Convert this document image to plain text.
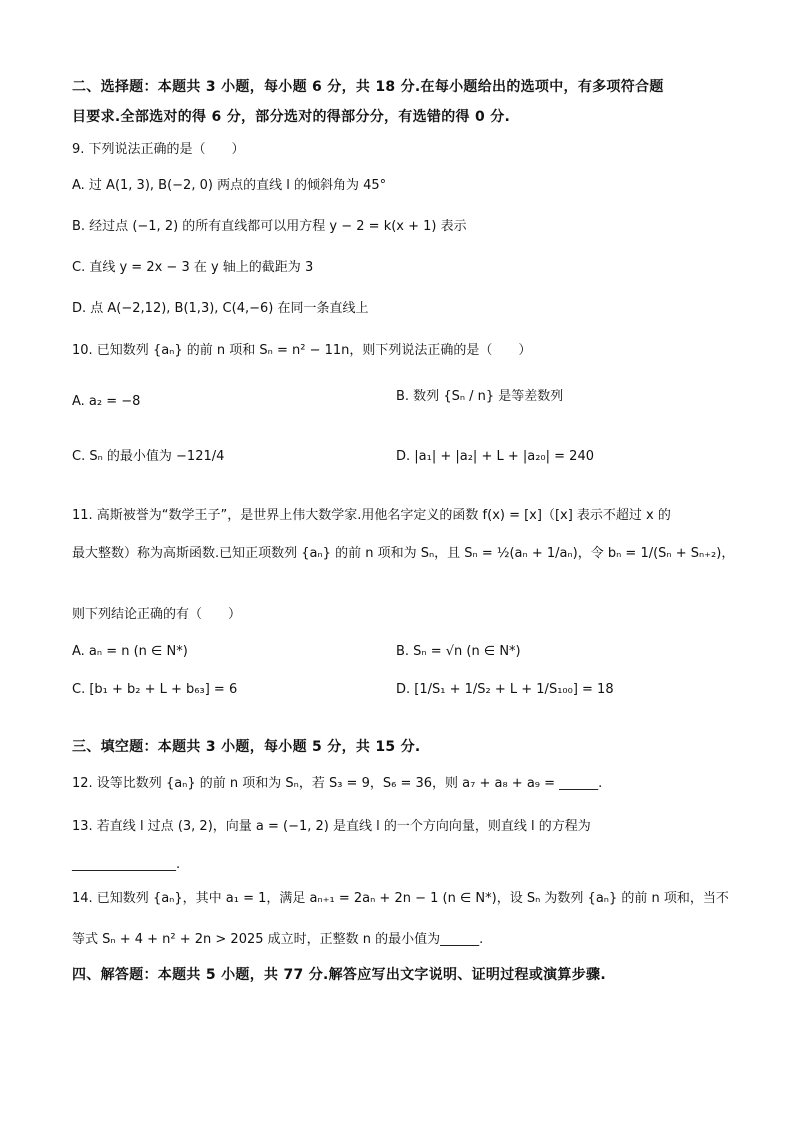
二、选择题：本题共 3 小题，每小题 6 分，共 18 分.在每小题给出的选项中，有多项符合题
目要求.全部选对的得 6 分，部分选对的得部分分，有选错的得 0 分.
9. 下列说法正确的是（　　）
A. 过 A(1, 3), B(−2, 0) 两点的直线 l 的倾斜角为 45°
B. 经过点 (−1, 2) 的所有直线都可以用方程 y − 2 = k(x + 1) 表示
C. 直线 y = 2x − 3 在 y 轴上的截距为 3
D. 点 A(−2,12), B(1,3), C(4,−6) 在同一条直线上
10. 已知数列 {aₙ} 的前 n 项和 Sₙ = n² − 11n，则下列说法正确的是（　　）
A. a₂ = −8	B. 数列 {Sₙ / n} 是等差数列
C. Sₙ 的最小值为 −121/4	D. |a₁| + |a₂| + L + |a₂₀| = 240
11. 高斯被誉为“数学王子”，是世界上伟大数学家.用他名字定义的函数 f(x) = [x]（[x] 表示不超过 x 的
最大整数）称为高斯函数.已知正项数列 {aₙ} 的前 n 项和为 Sₙ，且 Sₙ = ½(aₙ + 1/aₙ)，令 bₙ = 1/(Sₙ + Sₙ₊₂)，
则下列结论正确的有（　　）
A. aₙ = n (n ∈ N*)	B. Sₙ = √n (n ∈ N*)
C. [b₁ + b₂ + L + b₆₃] = 6	D. [1/S₁ + 1/S₂ + L + 1/S₁₀₀] = 18
三、填空题：本题共 3 小题，每小题 5 分，共 15 分.
12. 设等比数列 {aₙ} 的前 n 项和为 Sₙ，若 S₃ = 9，S₆ = 36，则 a₇ + a₈ + a₉ = ______.
13. 若直线 l 过点 (3, 2)，向量 a = (−1, 2) 是直线 l 的一个方向向量，则直线 l 的方程为
________________.
14. 已知数列 {aₙ}，其中 a₁ = 1，满足 aₙ₊₁ = 2aₙ + 2n − 1 (n ∈ N*)，设 Sₙ 为数列 {aₙ} 的前 n 项和，当不
等式 Sₙ + 4 + n² + 2n > 2025 成立时，正整数 n 的最小值为______.
四、解答题：本题共 5 小题，共 77 分.解答应写出文字说明、证明过程或演算步骤.
